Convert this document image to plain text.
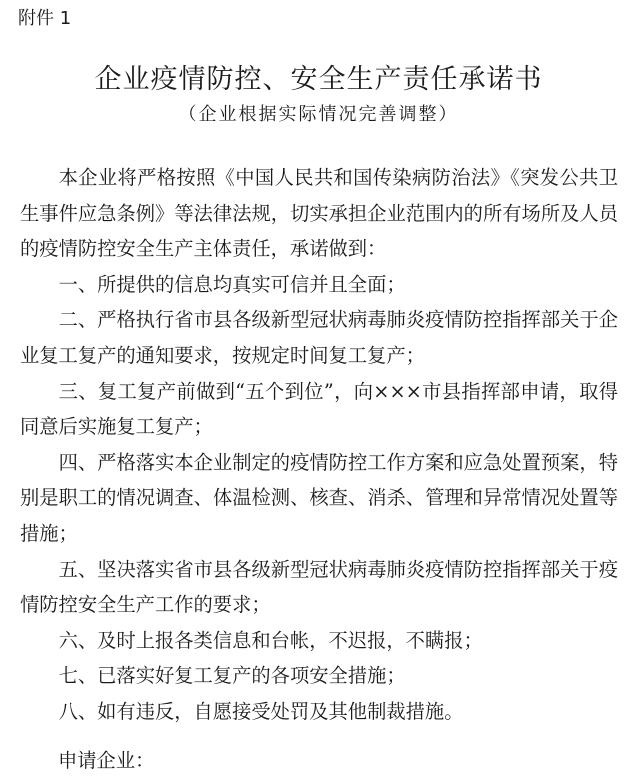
附件 1
企业疫情防控、安全生产责任承诺书
（企业根据实际情况完善调整）

本企业将严格按照《中国人民共和国传染病防治法》《突发公共卫生事件应急条例》等法律法规，切实承担企业范围内的所有场所及人员的疫情防控安全生产主体责任，承诺做到：

一、所提供的信息均真实可信并且全面；

二、严格执行省市县各级新型冠状病毒肺炎疫情防控指挥部关于企业复工复产的通知要求，按规定时间复工复产；

三、复工复产前做到“五个到位”，向×××市县指挥部申请，取得同意后实施复工复产；

四、严格落实本企业制定的疫情防控工作方案和应急处置预案，特别是职工的情况调查、体温检测、核查、消杀、管理和异常情况处置等措施；

五、坚决落实省市县各级新型冠状病毒肺炎疫情防控指挥部关于疫情防控安全生产工作的要求；

六、及时上报各类信息和台帐，不迟报，不瞒报；

七、已落实好复工复产的各项安全措施；

八、如有违反，自愿接受处罚及其他制裁措施。

申请企业：
